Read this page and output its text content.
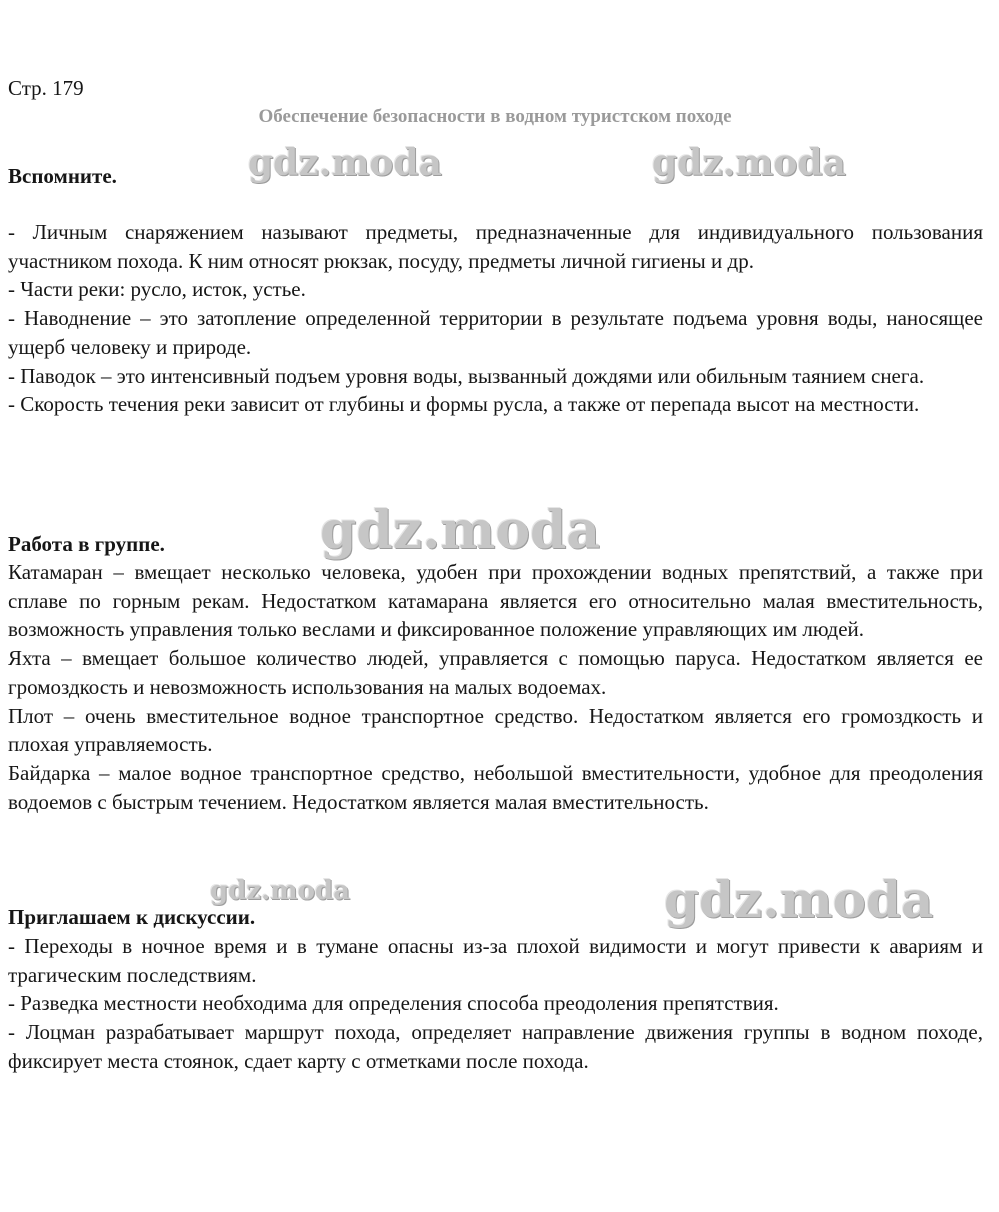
Стр. 179
Обеспечение безопасности в водном туристском походе
Вспомните.

- Личным снаряжением называют предметы, предназначенные для индивидуального пользования участником похода. К ним относят рюкзак, посуду, предметы личной гигиены и др.

- Части реки: русло, исток, устье.

- Наводнение – это затопление определенной территории в результате подъема уровня воды, наносящее ущерб человеку и природе.

- Паводок – это интенсивный подъем уровня воды, вызванный дождями или обильным таянием снега.

- Скорость течения реки зависит от глубины и формы русла, а также от перепада высот на местности.

Работа в группе.

Катамаран – вмещает несколько человека, удобен при прохождении водных препятствий, а также при сплаве по горным рекам. Недостатком катамарана является его относительно малая вместительность, возможность управления только веслами и фиксированное положение управляющих им людей.

Яхта – вмещает большое количество людей, управляется с помощью паруса. Недостатком является ее громоздкость и невозможность использования на малых водоемах.

Плот – очень вместительное водное транспортное средство. Недостатком является его громоздкость и плохая управляемость.

Байдарка – малое водное транспортное средство, небольшой вместительности, удобное для преодоления водоемов с быстрым течением. Недостатком является малая вместительность.

Приглашаем к дискуссии.

- Переходы в ночное время и в тумане опасны из-за плохой видимости и могут привести к авариям и трагическим последствиям.

- Разведка местности необходима для определения способа преодоления препятствия.

- Лоцман разрабатывает маршрут похода, определяет направление движения группы в водном походе, фиксирует места стоянок, сдает карту с отметками после похода.

gdz.moda	gdz.moda
gdz.moda
gdz.moda	gdz.moda
